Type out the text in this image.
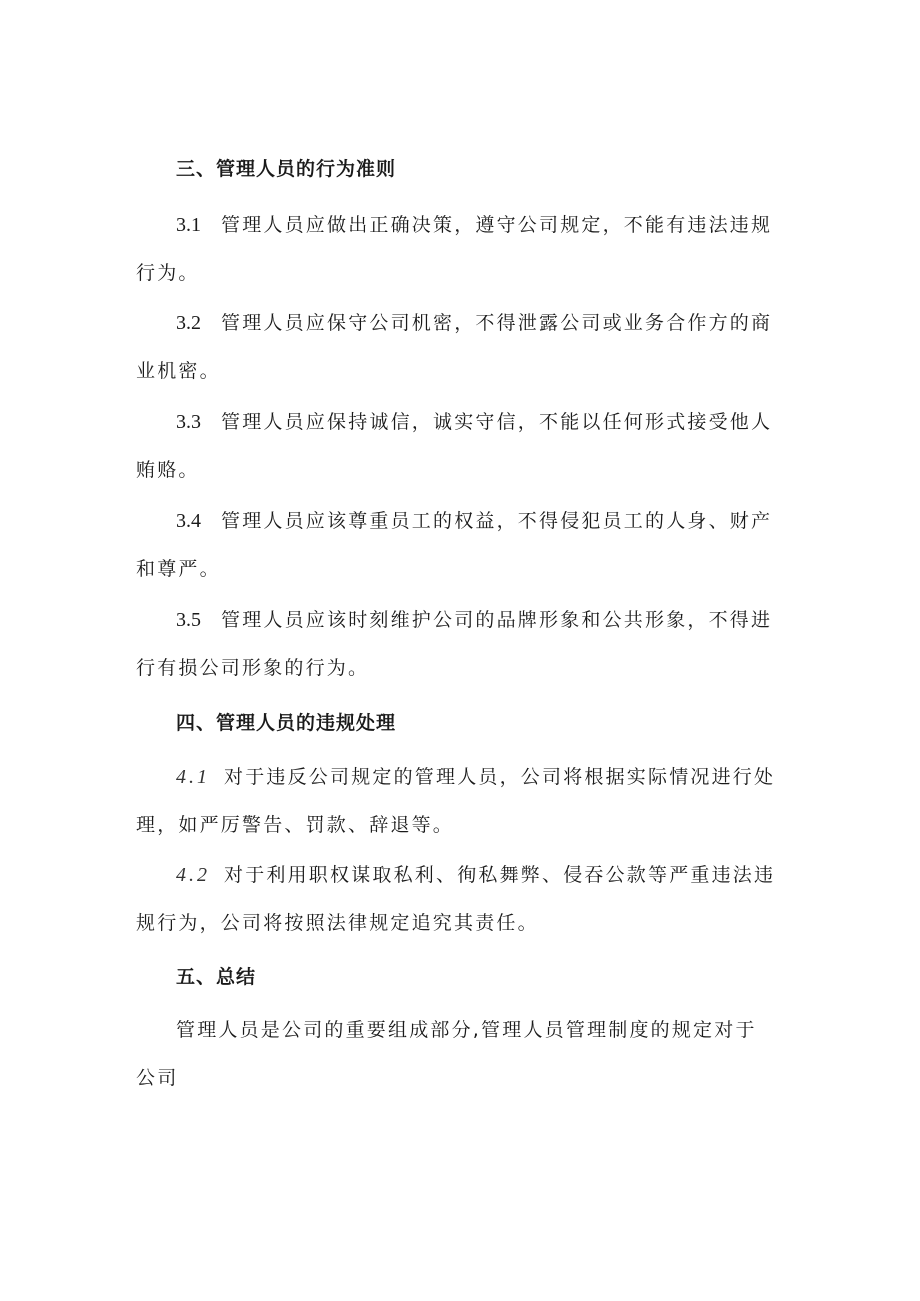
三、管理人员的行为准则
3.1 管理人员应做出正确决策，遵守公司规定，不能有违法违规行为。
3.2 管理人员应保守公司机密，不得泄露公司或业务合作方的商业机密。
3.3 管理人员应保持诚信，诚实守信，不能以任何形式接受他人贿赂。
3.4 管理人员应该尊重员工的权益，不得侵犯员工的人身、财产和尊严。
3.5 管理人员应该时刻维护公司的品牌形象和公共形象，不得进行有损公司形象的行为。
四、管理人员的违规处理
4.1 对于违反公司规定的管理人员，公司将根据实际情况进行处理，如严厉警告、罚款、辞退等。
4.2 对于利用职权谋取私利、徇私舞弊、侵吞公款等严重违法违规行为，公司将按照法律规定追究其责任。
五、总结
管理人员是公司的重要组成部分,管理人员管理制度的规定对于公司
